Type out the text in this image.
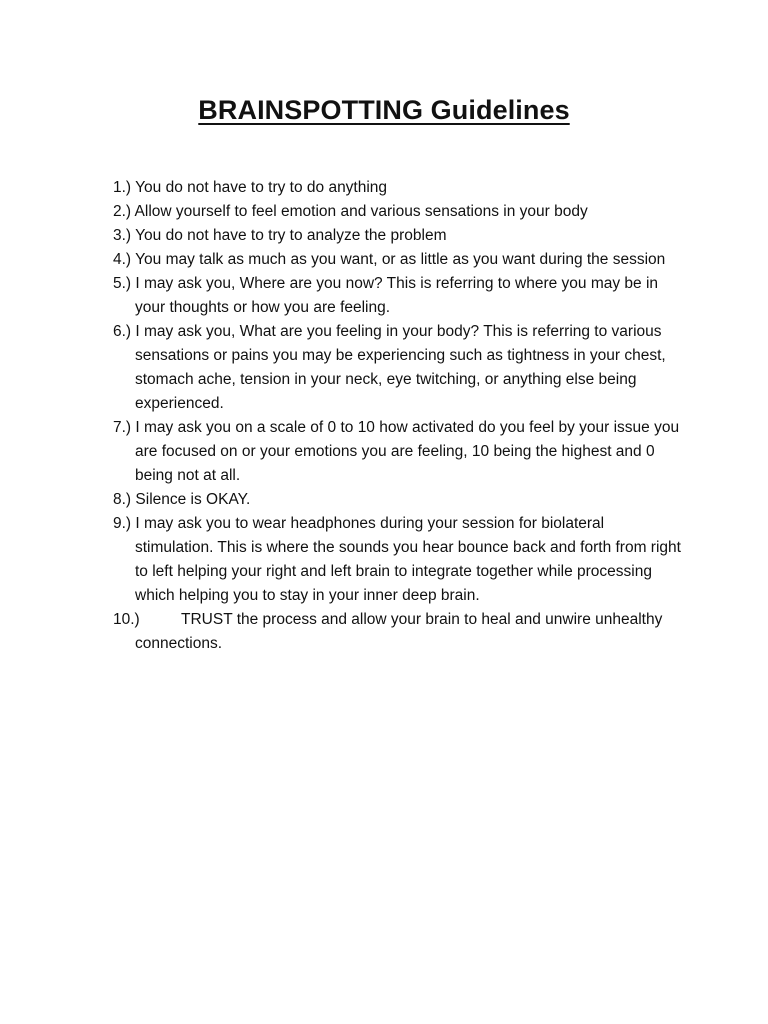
BRAINSPOTTING Guidelines
1.) You do not have to try to do anything
2.) Allow yourself to feel emotion and various sensations in your body
3.) You do not have to try to analyze the problem
4.) You may talk as much as you want, or as little as you want during the session
5.) I may ask you, Where are you now? This is referring to where you may be in your thoughts or how you are feeling.
6.) I may ask you, What are you feeling in your body? This is referring to various sensations or pains you may be experiencing such as tightness in your chest, stomach ache, tension in your neck, eye twitching, or anything else being experienced.
7.) I may ask you on a scale of 0 to 10 how activated do you feel by your issue you are focused on or your emotions you are feeling, 10 being the highest and 0 being not at all.
8.) Silence is OKAY.
9.) I may ask you to wear headphones during your session for biolateral stimulation. This is where the sounds you hear bounce back and forth from right to left helping your right and left brain to integrate together while processing which helping you to stay in your inner deep brain.
10.)	TRUST the process and allow your brain to heal and unwire unhealthy connections.
